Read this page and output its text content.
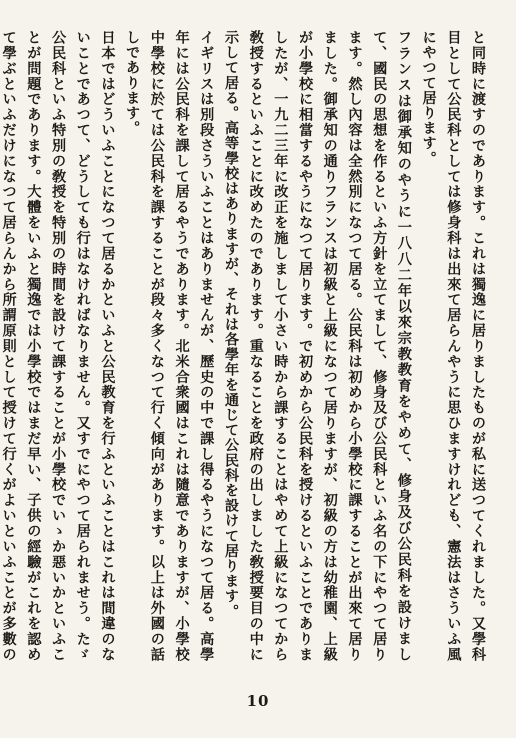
と同時に渡すのであります。これは獨逸に居りましたものが私に送つてくれました。又學科目として公民科としては修身科は出來て居らんやうに思ひますけれども、憲法はさういふ風にやつて居ります。

フランスは御承知のやうに一八八二年以來宗教教育をやめて、修身及び公民科を設けまして、國民の思想を作るといふ方針を立てまして、修身及び公民科といふ名の下にやつて居ります。然し內容は全然別になつて居る。公民科は初めから小學校に課することが出來て居りました。御承知の通りフランスは初級と上級になつて居りますが、初級の方は幼稚園、上級が小學校に相當するやうになつて居ります。で初めから公民科を授けるといふことでありましたが、一九二三年に改正を施しまして小さい時から課することはやめて上級になつてから敎授するといふことに改めたのであります。重なることを政府の出しました敎授要目の中に示して居る。高等學校はありますが、それは各學年を通じて公民科を設けて居ります。

イギリスは別段さういふことはありませんが、歷史の中で課し得るやうになつて居る。高學年には公民科を課して居るやうであります。北米合衆國はこれは隨意でありますが、小學校中學校に於ては公民科を課することが段々多くなつて行く傾向があります。以上は外國の話しであります。

日本ではどういふことになつて居るかといふと公民教育を行ふといふことはこれは間違のないことであつて、どうしても行はなければなりません。又すでにやつて居られませう。たゞ公民科といふ特別の敎授を特別の時間を設けて課することが小學校でいゝか惡いかといふことが問題であります。大體をいふと獨逸では小學校ではまだ早い、子供の經驗がこれを認めて學ぶといふだけになつて居らんから所謂原則として授けて行くがよいといふことが多數の

10
